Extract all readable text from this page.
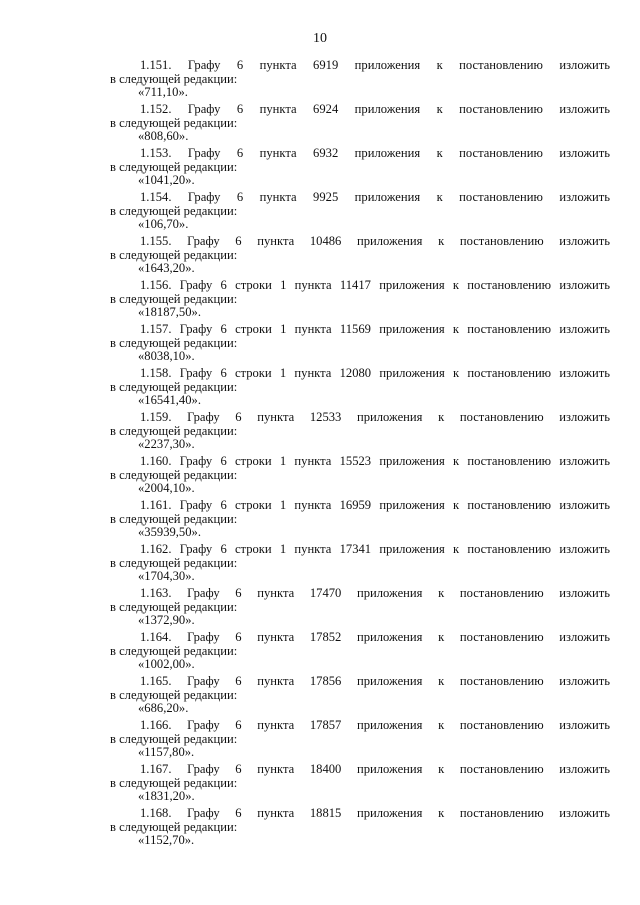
10
1.151. Графу 6 пункта 6919 приложения к постановлению изложить
в следующей редакции:
«711,10».
1.152. Графу 6 пункта 6924 приложения к постановлению изложить
в следующей редакции:
«808,60».
1.153. Графу 6 пункта 6932 приложения к постановлению изложить
в следующей редакции:
«1041,20».
1.154. Графу 6 пункта 9925 приложения к постановлению изложить
в следующей редакции:
«106,70».
1.155. Графу 6 пункта 10486 приложения к постановлению изложить
в следующей редакции:
«1643,20».
1.156. Графу 6 строки 1 пункта 11417 приложения к постановлению изложить
в следующей редакции:
«18187,50».
1.157. Графу 6 строки 1 пункта 11569 приложения к постановлению изложить
в следующей редакции:
«8038,10».
1.158. Графу 6 строки 1 пункта 12080 приложения к постановлению изложить
в следующей редакции:
«16541,40».
1.159. Графу 6 пункта 12533 приложения к постановлению изложить
в следующей редакции:
«2237,30».
1.160. Графу 6 строки 1 пункта 15523 приложения к постановлению изложить
в следующей редакции:
«2004,10».
1.161. Графу 6 строки 1 пункта 16959 приложения к постановлению изложить
в следующей редакции:
«35939,50».
1.162. Графу 6 строки 1 пункта 17341 приложения к постановлению изложить
в следующей редакции:
«1704,30».
1.163. Графу 6 пункта 17470 приложения к постановлению изложить
в следующей редакции:
«1372,90».
1.164. Графу 6 пункта 17852 приложения к постановлению изложить
в следующей редакции:
«1002,00».
1.165. Графу 6 пункта 17856 приложения к постановлению изложить
в следующей редакции:
«686,20».
1.166. Графу 6 пункта 17857 приложения к постановлению изложить
в следующей редакции:
«1157,80».
1.167. Графу 6 пункта 18400 приложения к постановлению изложить
в следующей редакции:
«1831,20».
1.168. Графу 6 пункта 18815 приложения к постановлению изложить
в следующей редакции:
«1152,70».
